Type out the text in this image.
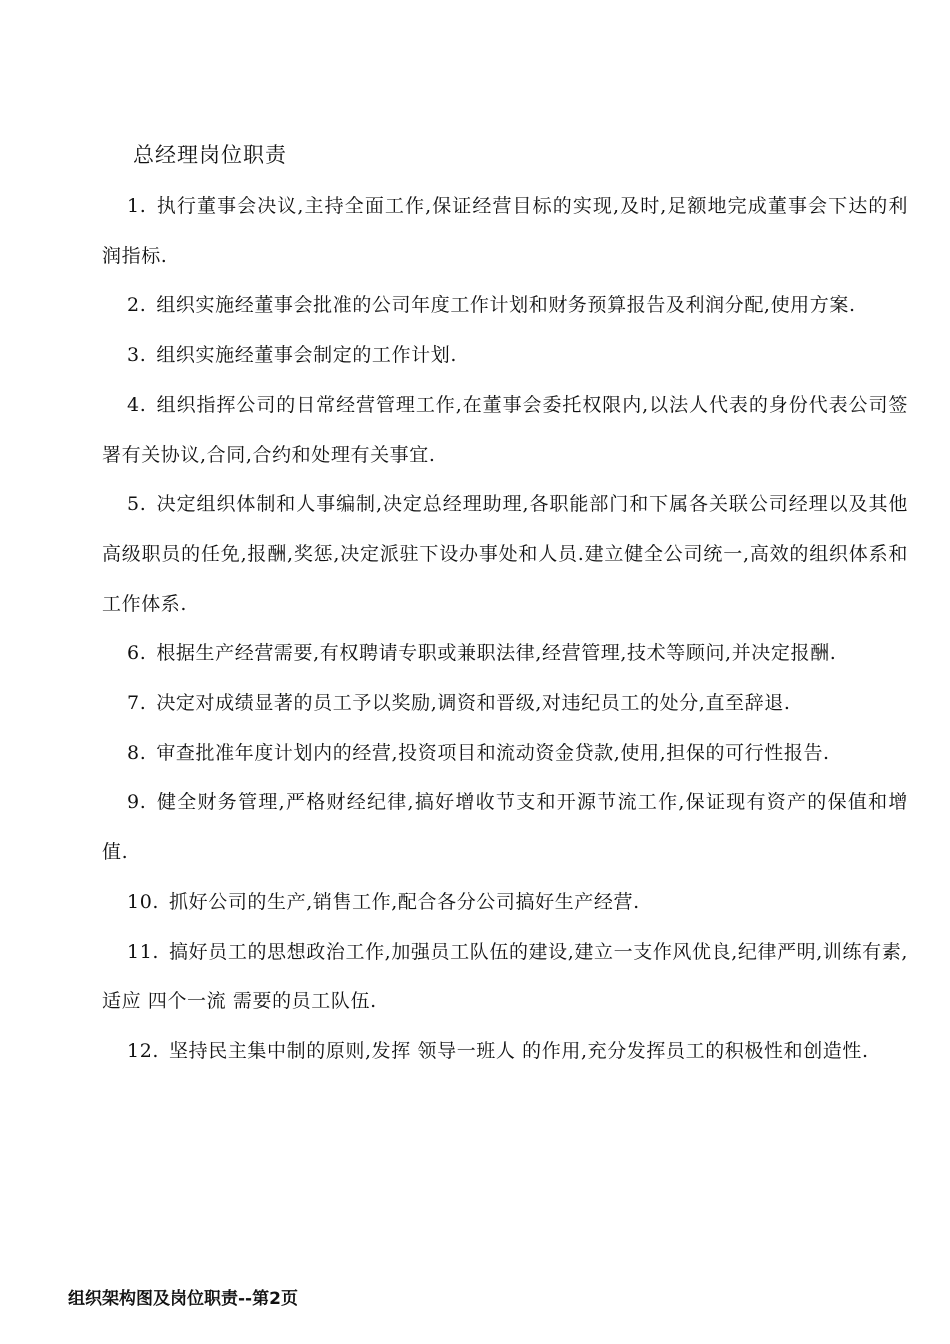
总经理岗位职责

1. 执行董事会决议,主持全面工作,保证经营目标的实现,及时,足额地完成董事会下达的利润指标.

2. 组织实施经董事会批准的公司年度工作计划和财务预算报告及利润分配,使用方案.

3. 组织实施经董事会制定的工作计划.

4. 组织指挥公司的日常经营管理工作,在董事会委托权限内,以法人代表的身份代表公司签署有关协议,合同,合约和处理有关事宜.

5. 决定组织体制和人事编制,决定总经理助理,各职能部门和下属各关联公司经理以及其他高级职员的任免,报酬,奖惩,决定派驻下设办事处和人员.建立健全公司统一,高效的组织体系和工作体系.

6. 根据生产经营需要,有权聘请专职或兼职法律,经营管理,技术等顾问,并决定报酬.

7. 决定对成绩显著的员工予以奖励,调资和晋级,对违纪员工的处分,直至辞退.

8. 审查批准年度计划内的经营,投资项目和流动资金贷款,使用,担保的可行性报告.

9. 健全财务管理,严格财经纪律,搞好增收节支和开源节流工作,保证现有资产的保值和增值.

10. 抓好公司的生产,销售工作,配合各分公司搞好生产经营.

11. 搞好员工的思想政治工作,加强员工队伍的建设,建立一支作风优良,纪律严明,训练有素,适应 四个一流 需要的员工队伍.

12. 坚持民主集中制的原则,发挥 领导一班人 的作用,充分发挥员工的积极性和创造性.

组织架构图及岗位职责--第2页
